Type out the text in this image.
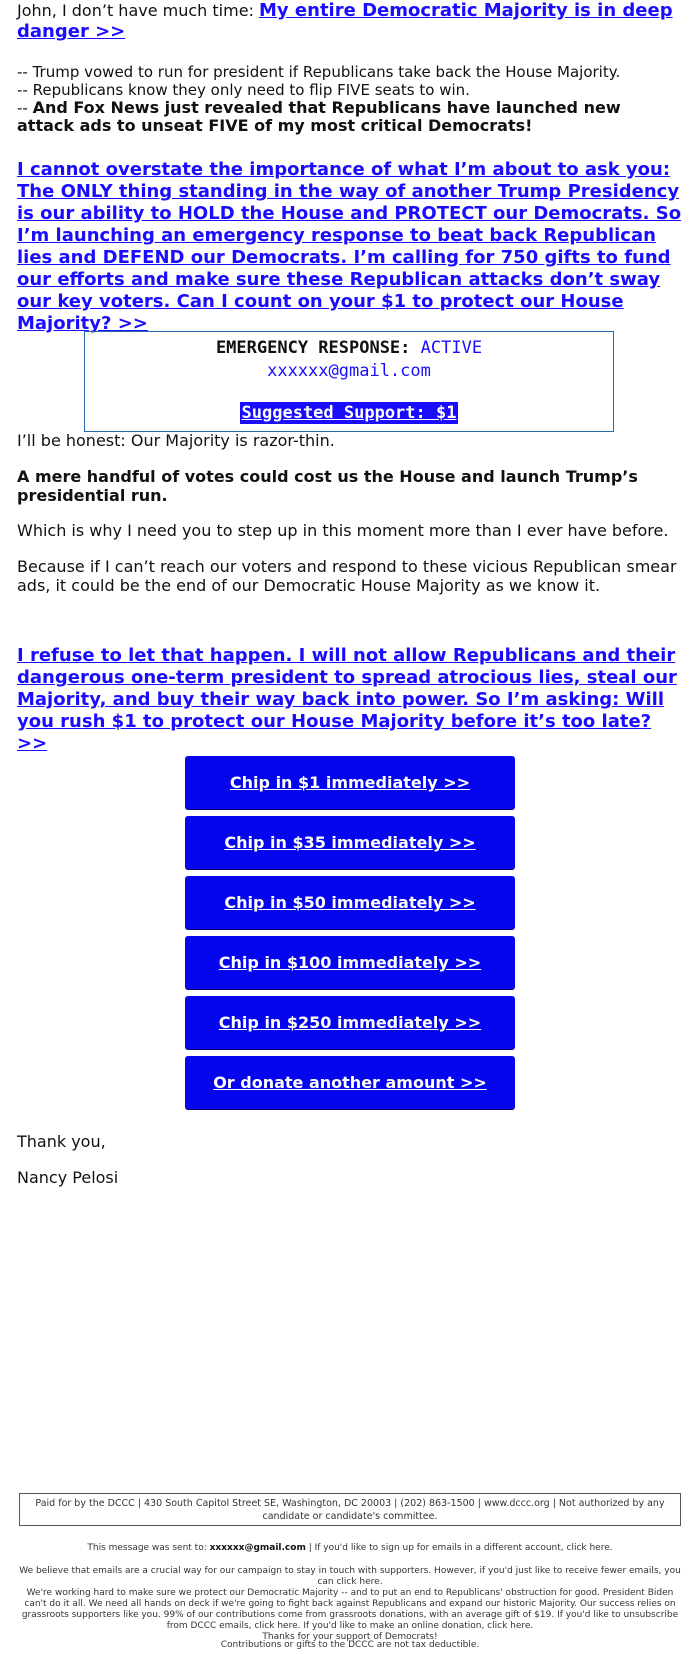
John, I don’t have much time: My entire Democratic Majority is in deep danger >>

-- Trump vowed to run for president if Republicans take back the House Majority.
-- Republicans know they only need to flip FIVE seats to win.
-- And Fox News just revealed that Republicans have launched new attack ads to unseat FIVE of my most critical Democrats!

I cannot overstate the importance of what I’m about to ask you: The ONLY thing standing in the way of another Trump Presidency is our ability to HOLD the House and PROTECT our Democrats. So I’m launching an emergency response to beat back Republican lies and DEFEND our Democrats. I’m calling for 750 gifts to fund our efforts and make sure these Republican attacks don’t sway our key voters. Can I count on your $1 to protect our House Majority? >>

EMERGENCY RESPONSE: ACTIVE
xxxxxx@gmail.com
Suggested Support: $1

I’ll be honest: Our Majority is razor-thin.

A mere handful of votes could cost us the House and launch Trump’s presidential run.

Which is why I need you to step up in this moment more than I ever have before.

Because if I can’t reach our voters and respond to these vicious Republican smear ads, it could be the end of our Democratic House Majority as we know it.

I refuse to let that happen. I will not allow Republicans and their dangerous one-term president to spread atrocious lies, steal our Majority, and buy their way back into power. So I’m asking: Will you rush $1 to protect our House Majority before it’s too late? >>

Chip in $1 immediately >>
Chip in $35 immediately >>
Chip in $50 immediately >>
Chip in $100 immediately >>
Chip in $250 immediately >>
Or donate another amount >>

Thank you,

Nancy Pelosi

Paid for by the DCCC | 430 South Capitol Street SE, Washington, DC 20003 | (202) 863-1500 | www.dccc.org | Not authorized by any candidate or candidate's committee.

This message was sent to: xxxxxx@gmail.com | If you'd like to sign up for emails in a different account, click here.

We believe that emails are a crucial way for our campaign to stay in touch with supporters. However, if you'd just like to receive fewer emails, you can click here.

We're working hard to make sure we protect our Democratic Majority -- and to put an end to Republicans' obstruction for good. President Biden can't do it all. We need all hands on deck if we're going to fight back against Republicans and expand our historic Majority. Our success relies on grassroots supporters like you. 99% of our contributions come from grassroots donations, with an average gift of $19. If you'd like to unsubscribe from DCCC emails, click here. If you'd like to make an online donation, click here.
Thanks for your support of Democrats!

Contributions or gifts to the DCCC are not tax deductible.
